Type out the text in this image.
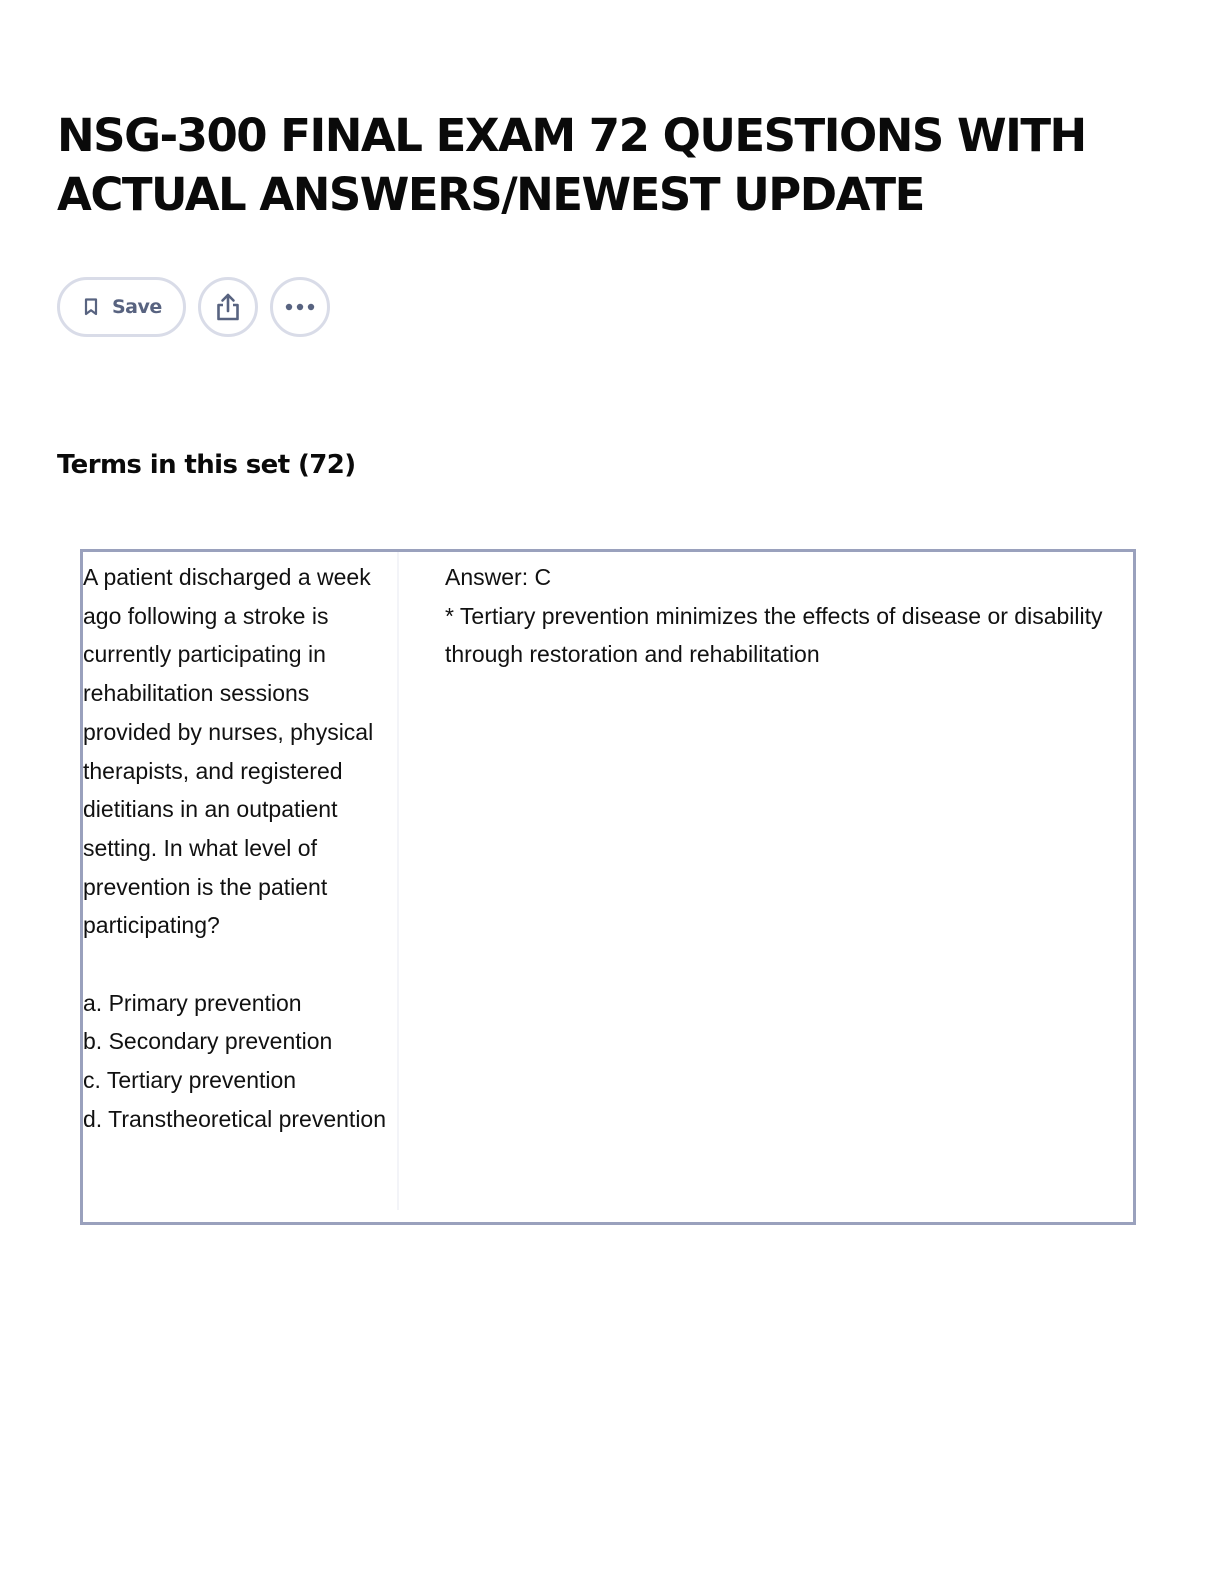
NSG-300 FINAL EXAM 72 QUESTIONS WITH ACTUAL ANSWERS/NEWEST UPDATE
Save
Terms in this set (72)
A patient discharged a week ago following a stroke is currently participating in rehabilitation sessions provided by nurses, physical therapists, and registered dietitians in an outpatient setting. In what level of prevention is the patient participating?

a. Primary prevention
b. Secondary prevention
c. Tertiary prevention
d. Transtheoretical prevention
Answer: C
* Tertiary prevention minimizes the effects of disease or disability through restoration and rehabilitation
